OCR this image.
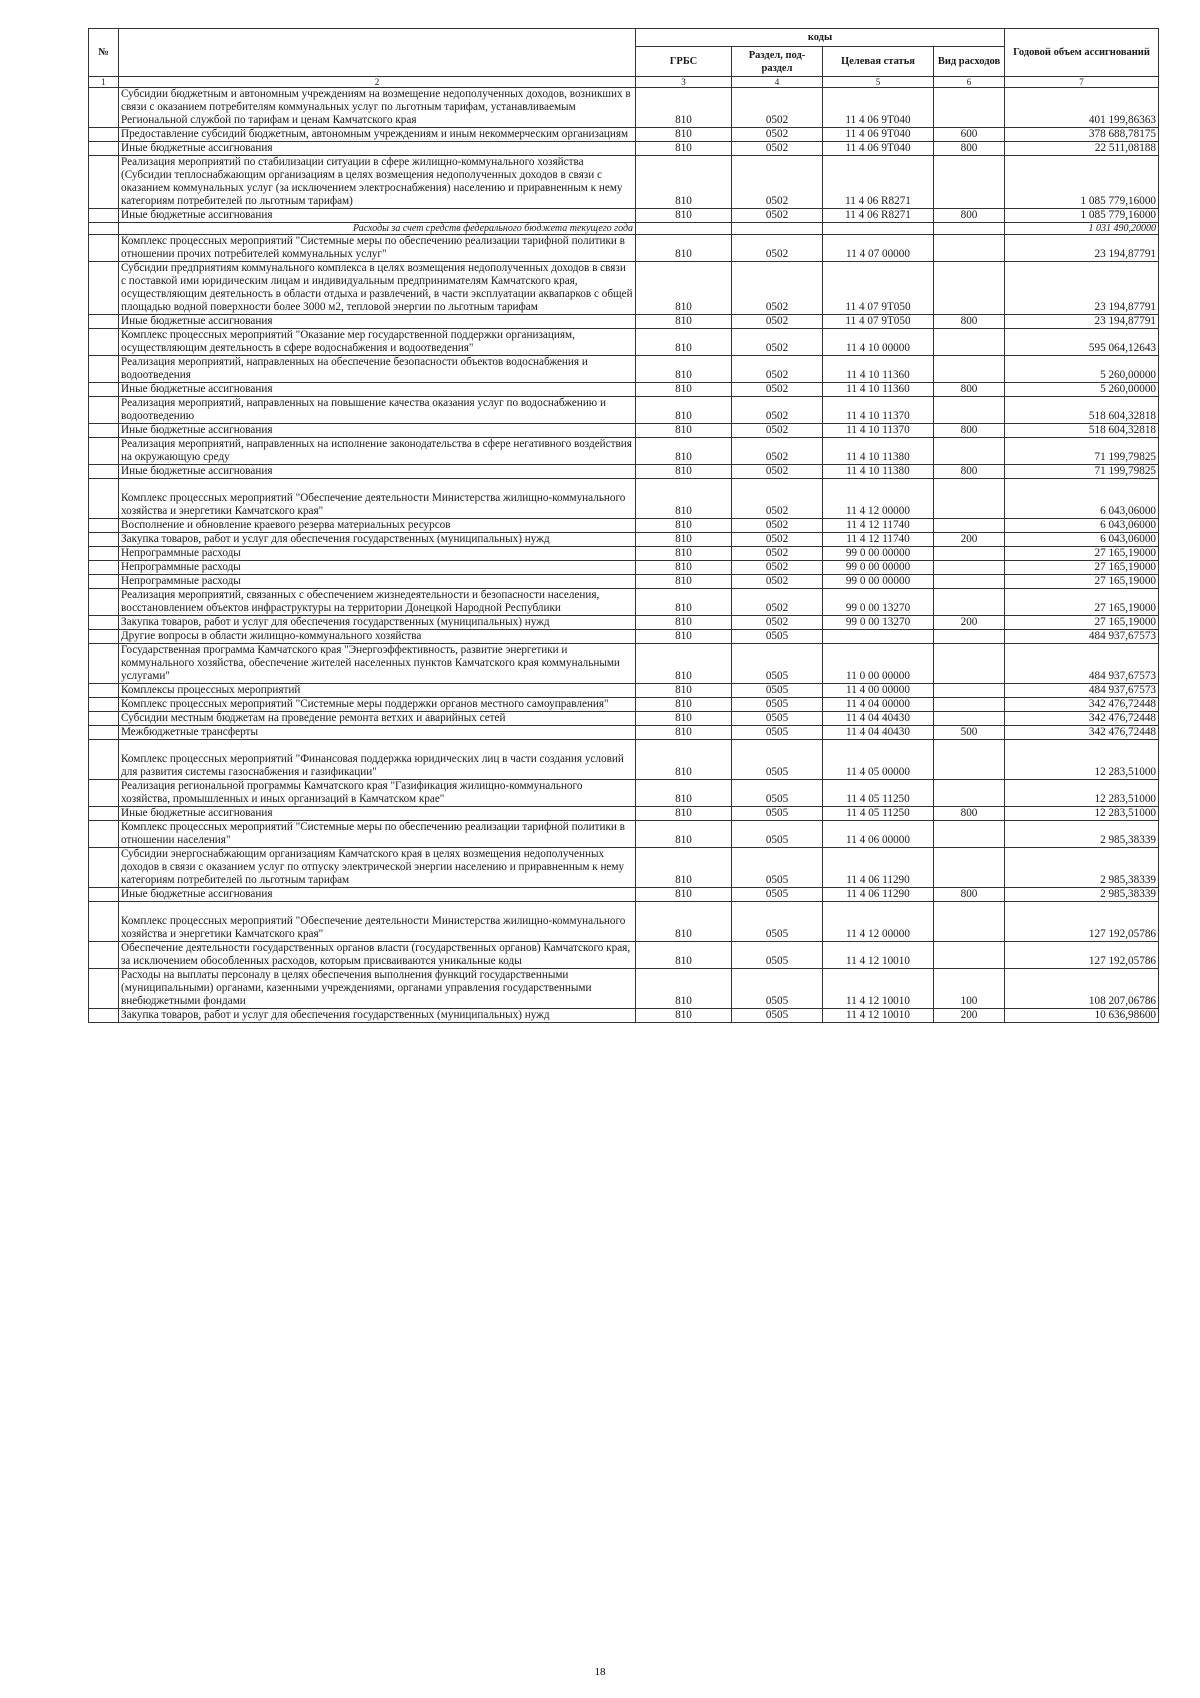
№		коды				Годовой объем ассигнований
		ГРБС	Раздел, под-раздел	Целевая статья	Вид расходов	
1	2	3	4	5	6	7
	Субсидии бюджетным и автономным учреждениям на возмещение недополученных доходов, возникших в связи с оказанием потребителям коммунальных услуг по льготным тарифам, устанавливаемым Региональной службой по тарифам и ценам Камчатского края	810	0502	11 4 06 9T040		401 199,86363
	Предоставление субсидий бюджетным, автономным учреждениям и иным некоммерческим организациям	810	0502	11 4 06 9T040	600	378 688,78175
	Иные бюджетные ассигнования	810	0502	11 4 06 9T040	800	22 511,08188
	Реализация мероприятий по стабилизации ситуации в сфере жилищно-коммунального хозяйства (Субсидии теплоснабжающим организациям в целях возмещения недополученных доходов в связи с оказанием коммунальных услуг (за исключением электроснабжения) населению и приравненным к нему категориям потребителей по льготным тарифам)	810	0502	11 4 06 R8271		1 085 779,16000
	Иные бюджетные ассигнования	810	0502	11 4 06 R8271	800	1 085 779,16000
	Расходы за счет средств федерального бюджета текущего года					1 031 490,20000
	Комплекс процессных мероприятий "Системные меры по обеспечению реализации тарифной политики в отношении прочих потребителей коммунальных услуг"	810	0502	11 4 07 00000		23 194,87791
	Субсидии предприятиям коммунального комплекса в целях возмещения недополученных доходов в связи с поставкой ими юридическим лицам и индивидуальным предпринимателям Камчатского края, осуществляющим деятельность в области отдыха и развлечений, в части эксплуатации аквапарков с общей площадью водной поверхности более 3000 м2, тепловой энергии по льготным тарифам	810	0502	11 4 07 9T050		23 194,87791
	Иные бюджетные ассигнования	810	0502	11 4 07 9T050	800	23 194,87791
	Комплекс процессных мероприятий "Оказание мер государственной поддержки организациям, осуществляющим деятельность в сфере водоснабжения и водоотведения"	810	0502	11 4 10 00000		595 064,12643
	Реализация мероприятий, направленных на обеспечение безопасности объектов водоснабжения и водоотведения	810	0502	11 4 10 11360		5 260,00000
	Иные бюджетные ассигнования	810	0502	11 4 10 11360	800	5 260,00000
	Реализация мероприятий, направленных на повышение качества оказания услуг по водоснабжению и водоотведению	810	0502	11 4 10 11370		518 604,32818
	Иные бюджетные ассигнования	810	0502	11 4 10 11370	800	518 604,32818
	Реализация мероприятий, направленных на исполнение законодательства в сфере негативного воздействия на окружающую среду	810	0502	11 4 10 11380		71 199,79825
	Иные бюджетные ассигнования	810	0502	11 4 10 11380	800	71 199,79825
	Комплекс процессных мероприятий "Обеспечение деятельности Министерства жилищно-коммунального хозяйства и энергетики Камчатского края"	810	0502	11 4 12 00000		6 043,06000
	Восполнение и обновление краевого резерва материальных ресурсов	810	0502	11 4 12 11740		6 043,06000
	Закупка товаров, работ и услуг для обеспечения государственных (муниципальных) нужд	810	0502	11 4 12 11740	200	6 043,06000
	Непрограммные расходы	810	0502	99 0 00 00000		27 165,19000
	Непрограммные расходы	810	0502	99 0 00 00000		27 165,19000
	Непрограммные расходы	810	0502	99 0 00 00000		27 165,19000
	Реализация мероприятий, связанных с обеспечением жизнедеятельности и безопасности населения, восстановлением объектов инфраструктуры на территории Донецкой Народной Республики	810	0502	99 0 00 13270		27 165,19000
	Закупка товаров, работ и услуг для обеспечения государственных (муниципальных) нужд	810	0502	99 0 00 13270	200	27 165,19000
	Другие вопросы в области жилищно-коммунального хозяйства	810	0505			484 937,67573
	Государственная программа Камчатского края "Энергоэффективность, развитие энергетики и коммунального хозяйства, обеспечение жителей населенных пунктов Камчатского края коммунальными услугами"	810	0505	11 0 00 00000		484 937,67573
	Комплексы процессных мероприятий	810	0505	11 4 00 00000		484 937,67573
	Комплекс процессных мероприятий "Системные меры поддержки органов местного самоуправления"	810	0505	11 4 04 00000		342 476,72448
	Субсидии местным бюджетам на проведение ремонта ветхих и аварийных сетей	810	0505	11 4 04 40430		342 476,72448
	Межбюджетные трансферты	810	0505	11 4 04 40430	500	342 476,72448
	Комплекс процессных мероприятий "Финансовая поддержка юридических лиц в части создания условий для развития системы газоснабжения и газификации"	810	0505	11 4 05 00000		12 283,51000
	Реализация региональной программы Камчатского края "Газификация жилищно-коммунального хозяйства, промышленных и иных организаций в Камчатском крае"	810	0505	11 4 05 11250		12 283,51000
	Иные бюджетные ассигнования	810	0505	11 4 05 11250	800	12 283,51000
	Комплекс процессных мероприятий "Системные меры по обеспечению реализации тарифной политики в отношении населения"	810	0505	11 4 06 00000		2 985,38339
	Субсидии энергоснабжающим организациям Камчатского края в целях возмещения недополученных доходов в связи с оказанием услуг по отпуску электрической энергии населению и приравненным к нему категориям потребителей по льготным тарифам	810	0505	11 4 06 11290		2 985,38339
	Иные бюджетные ассигнования	810	0505	11 4 06 11290	800	2 985,38339
	Комплекс процессных мероприятий "Обеспечение деятельности Министерства жилищно-коммунального хозяйства и энергетики Камчатского края"	810	0505	11 4 12 00000		127 192,05786
	Обеспечение деятельности государственных органов власти (государственных органов) Камчатского края, за исключением обособленных расходов, которым присваиваются уникальные коды	810	0505	11 4 12 10010		127 192,05786
	Расходы на выплаты персоналу в целях обеспечения выполнения функций государственными (муниципальными) органами, казенными учреждениями, органами управления государственными внебюджетными фондами	810	0505	11 4 12 10010	100	108 207,06786
	Закупка товаров, работ и услуг для обеспечения государственных (муниципальных) нужд	810	0505	11 4 12 10010	200	10 636,98600
18
